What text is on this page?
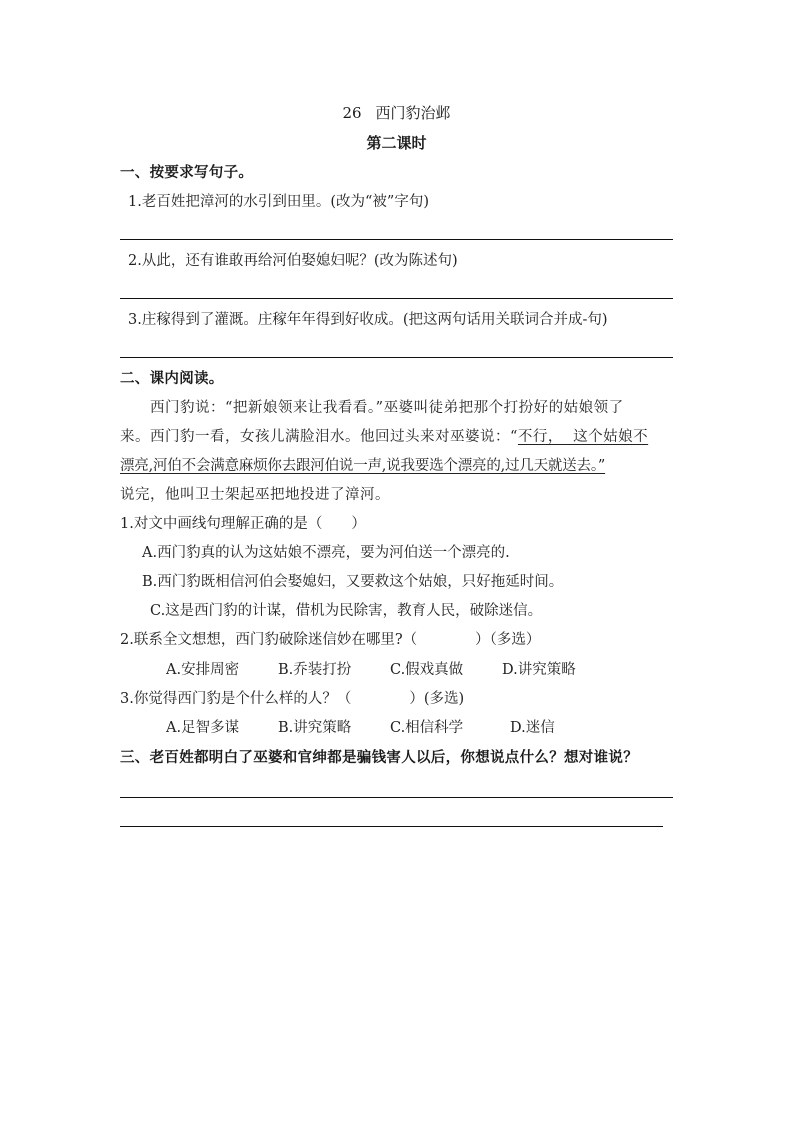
26 西门豹治邺
第二课时
一、按要求写句子。
1.老百姓把漳河的水引到田里。(改为“被”字句)
2.从此，还有谁敢再给河伯娶媳妇呢？(改为陈述句)
3.庄稼得到了灌溉。庄稼年年得到好收成。(把这两句话用关联词合并成-句)
二、课内阅读。
西门豹说：“把新娘领来让我看看。”巫婆叫徒弟把那个打扮好的姑娘领了
来。西门豹一看，女孩儿满脸泪水。他回过头来对巫婆说：“不行，  这个姑娘不
漂亮,河伯不会满意麻烦你去跟河伯说一声,说我要选个漂亮的,过几天就送去。”
说完，他叫卫士架起巫把地投进了漳河。
1.对文中画线句理解正确的是（　　）
A.西门豹真的认为这姑娘不漂亮，要为河伯送一个漂亮的.
B.西门豹既相信河伯会娶媳妇，又要救这个姑娘，只好拖延时间。
C.这是西门豹的计谋，借机为民除害，教育人民，破除迷信。
2.联系全文想想，西门豹破除迷信妙在哪里?（　　　　）（多选）
A.安排周密	B.乔装打扮	C.假戏真做	D.讲究策略
3.你觉得西门豹是个什么样的人？（　　　　）(多选)
A.足智多谋	B.讲究策略	C.相信科学	D.迷信
三、老百姓都明白了巫婆和官绅都是骗钱害人以后，你想说点什么？想对谁说？
